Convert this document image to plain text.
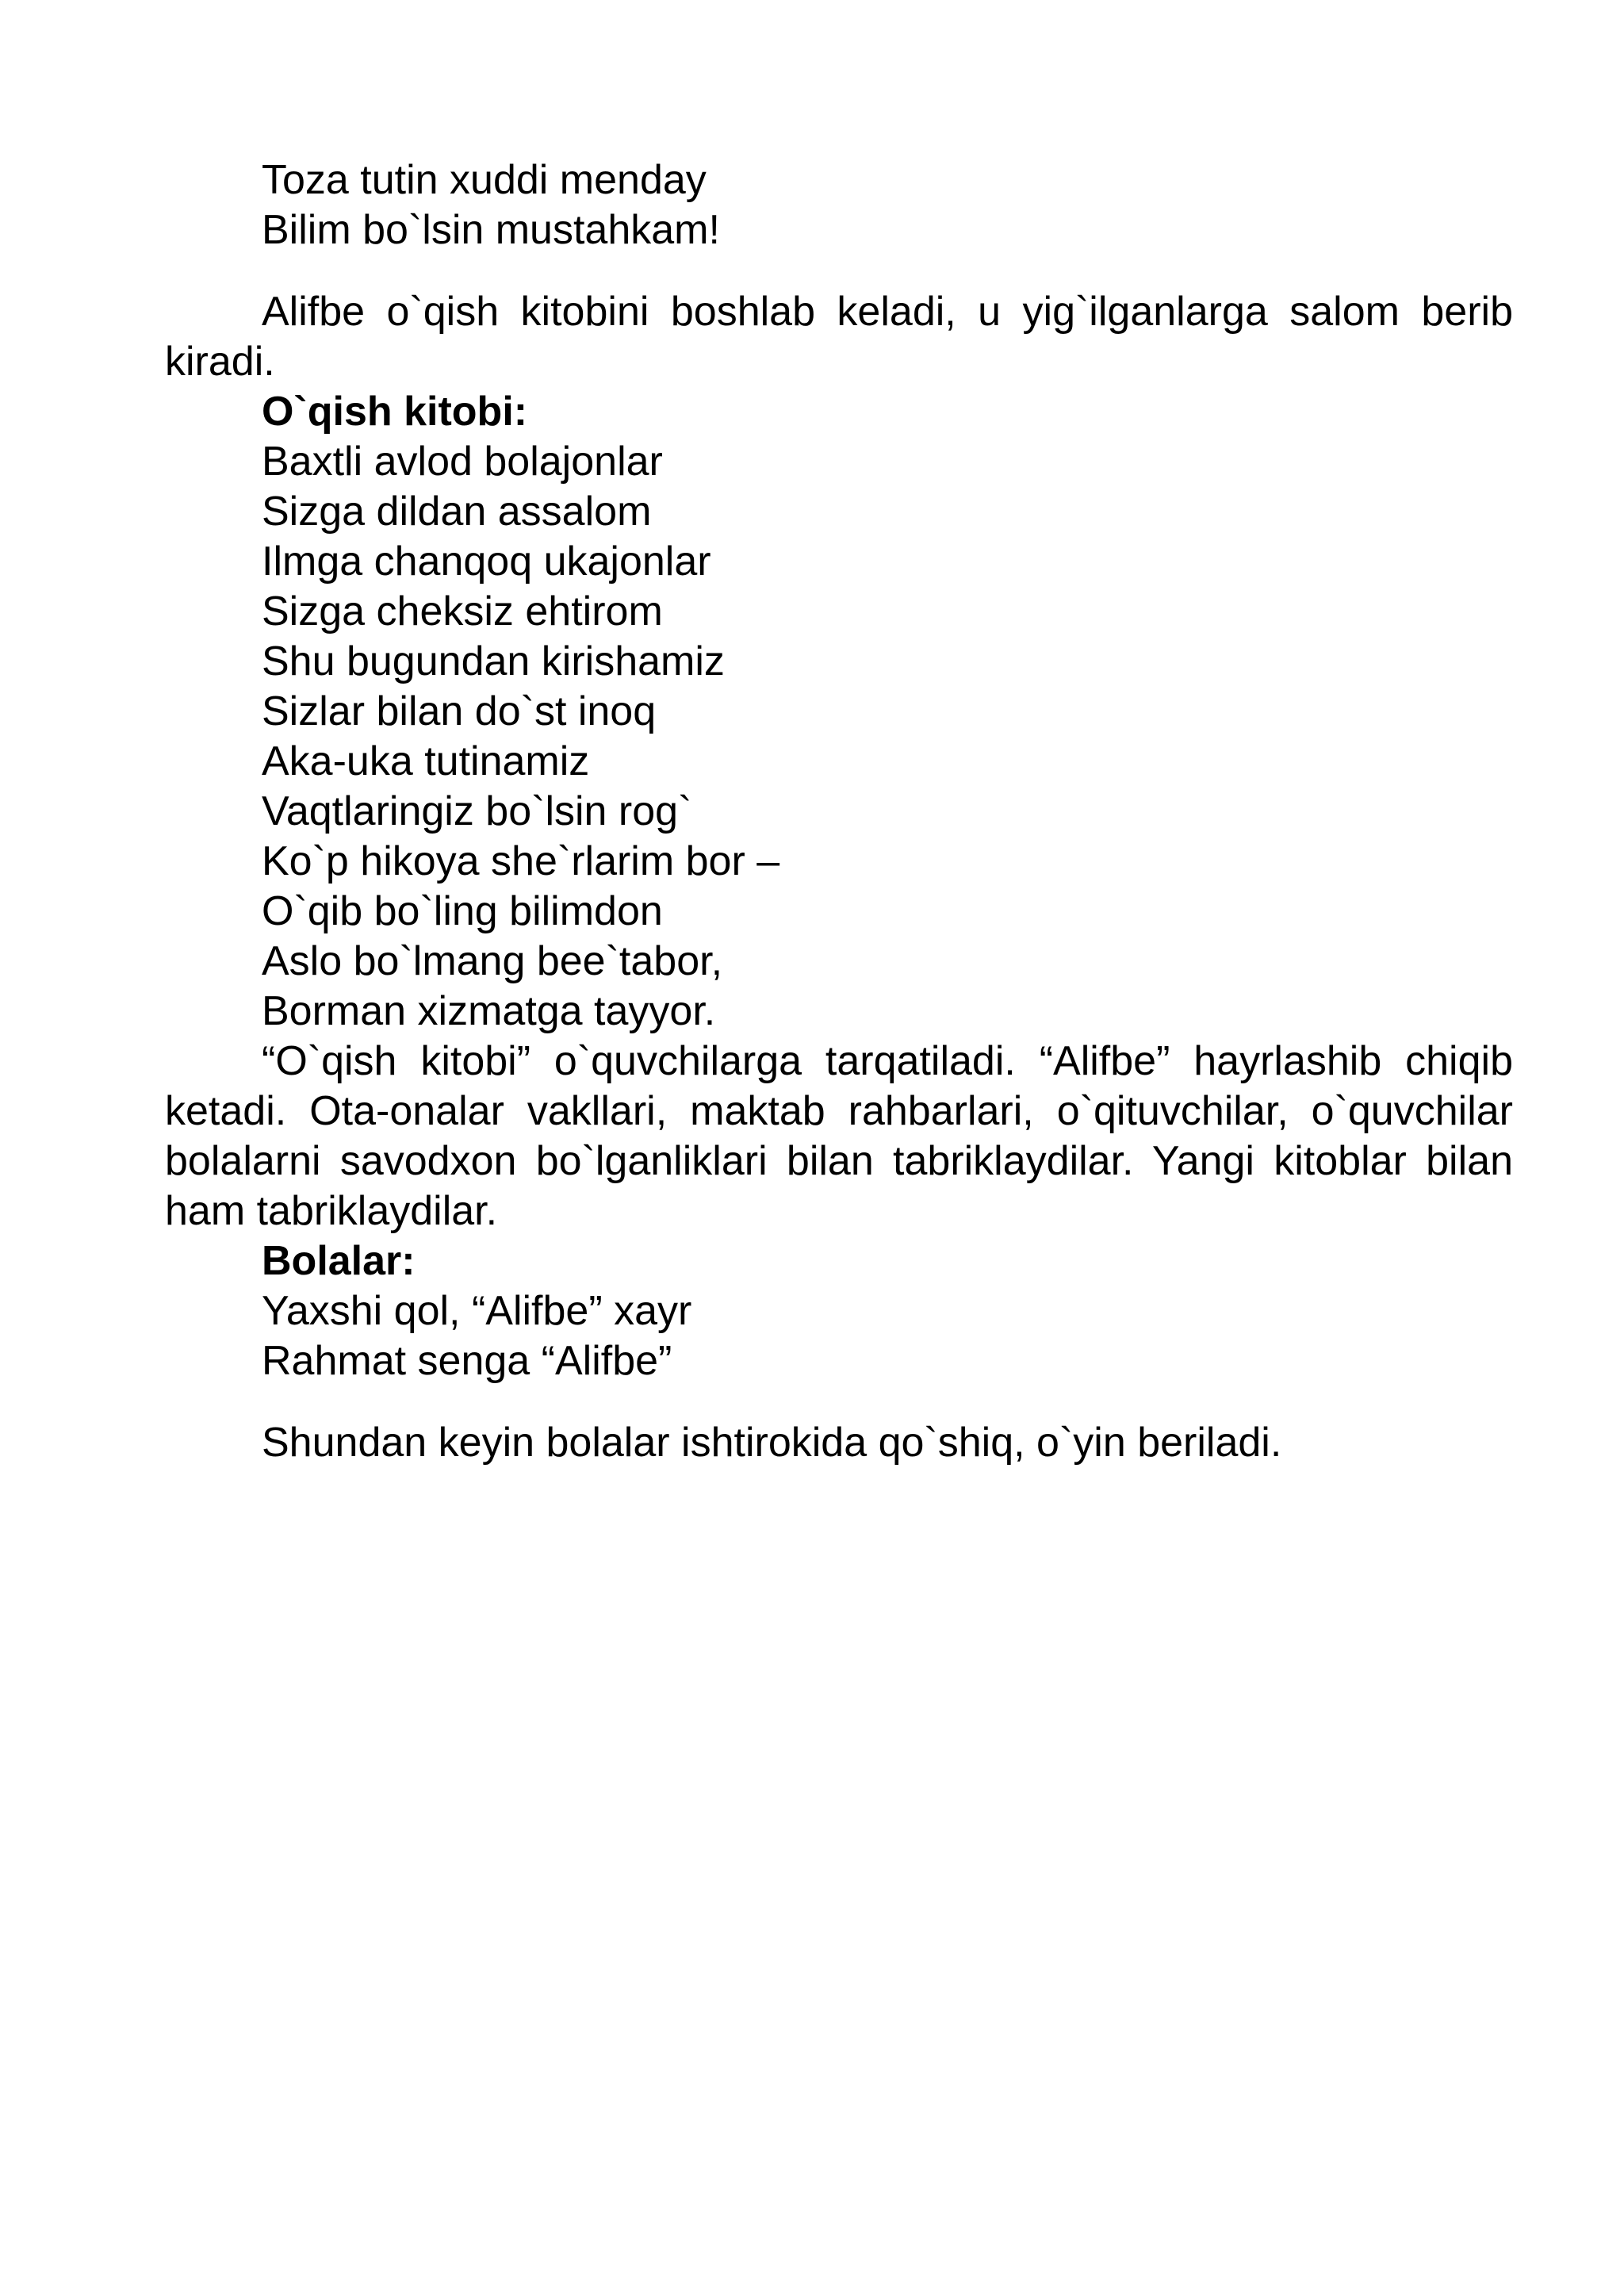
Toza tutin xuddi menday

Bilim bo`lsin mustahkam!

Alifbe o`qish kitobini boshlab keladi, u yig`ilganlarga salom berib kiradi.

O`qish kitobi:

Baxtli avlod bolajonlar

Sizga dildan assalom

Ilmga chanqoq ukajonlar

Sizga cheksiz ehtirom

Shu bugundan kirishamiz

Sizlar bilan do`st inoq

Aka-uka tutinamiz

Vaqtlaringiz bo`lsin rog`

Ko`p hikoya she`rlarim bor –

O`qib bo`ling bilimdon

Aslo bo`lmang bee`tabor,

Borman xizmatga tayyor.

“O`qish kitobi” o`quvchilarga tarqatiladi. “Alifbe” hayrlashib chiqib ketadi. Ota-onalar vakllari, maktab rahbarlari, o`qituvchilar, o`quvchilar bolalarni savodxon bo`lganliklari bilan tabriklaydilar. Yangi kitoblar bilan ham tabriklaydilar.

Bolalar:

Yaxshi qol, “Alifbe” xayr

Rahmat senga “Alifbe”

Shundan keyin bolalar ishtirokida qo`shiq, o`yin beriladi.
